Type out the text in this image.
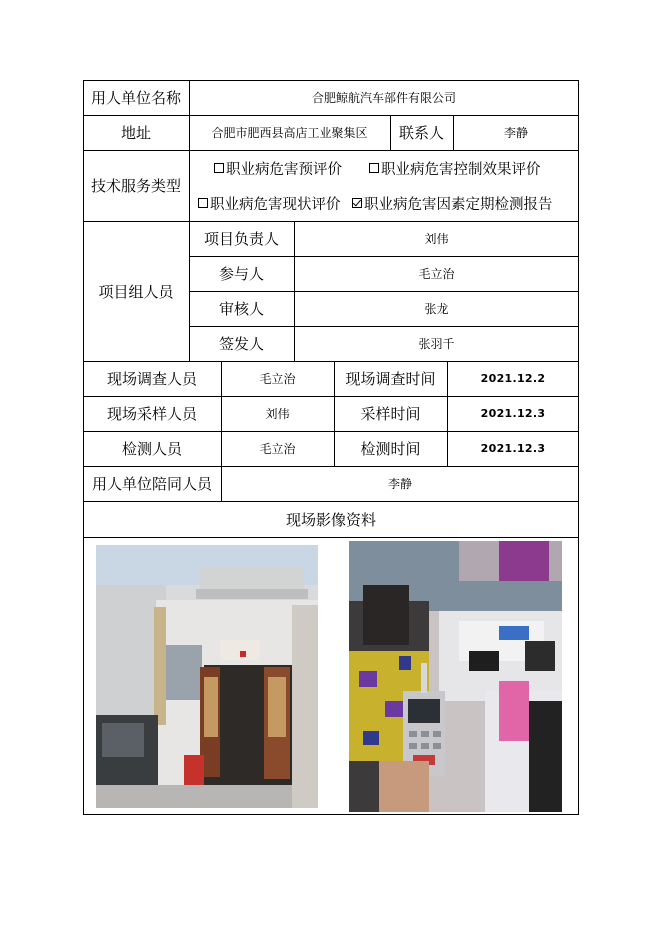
用人单位名称	合肥鲸航汽车部件有限公司
地址	合肥市肥西县高店工业聚集区	联系人	李静
技术服务类型
职业病危害预评价	职业病危害控制效果评价
职业病危害现状评价 职业病危害因素定期检测报告
项目组人员
项目负责人	刘伟
参与人	毛立治
审核人	张龙
签发人	张羽千
现场调查人员	毛立治	现场调查时间	2021.12.2
现场采样人员	刘伟	采样时间	2021.12.3
检测人员	毛立治	检测时间	2021.12.3
用人单位陪同人员	李静
现场影像资料
